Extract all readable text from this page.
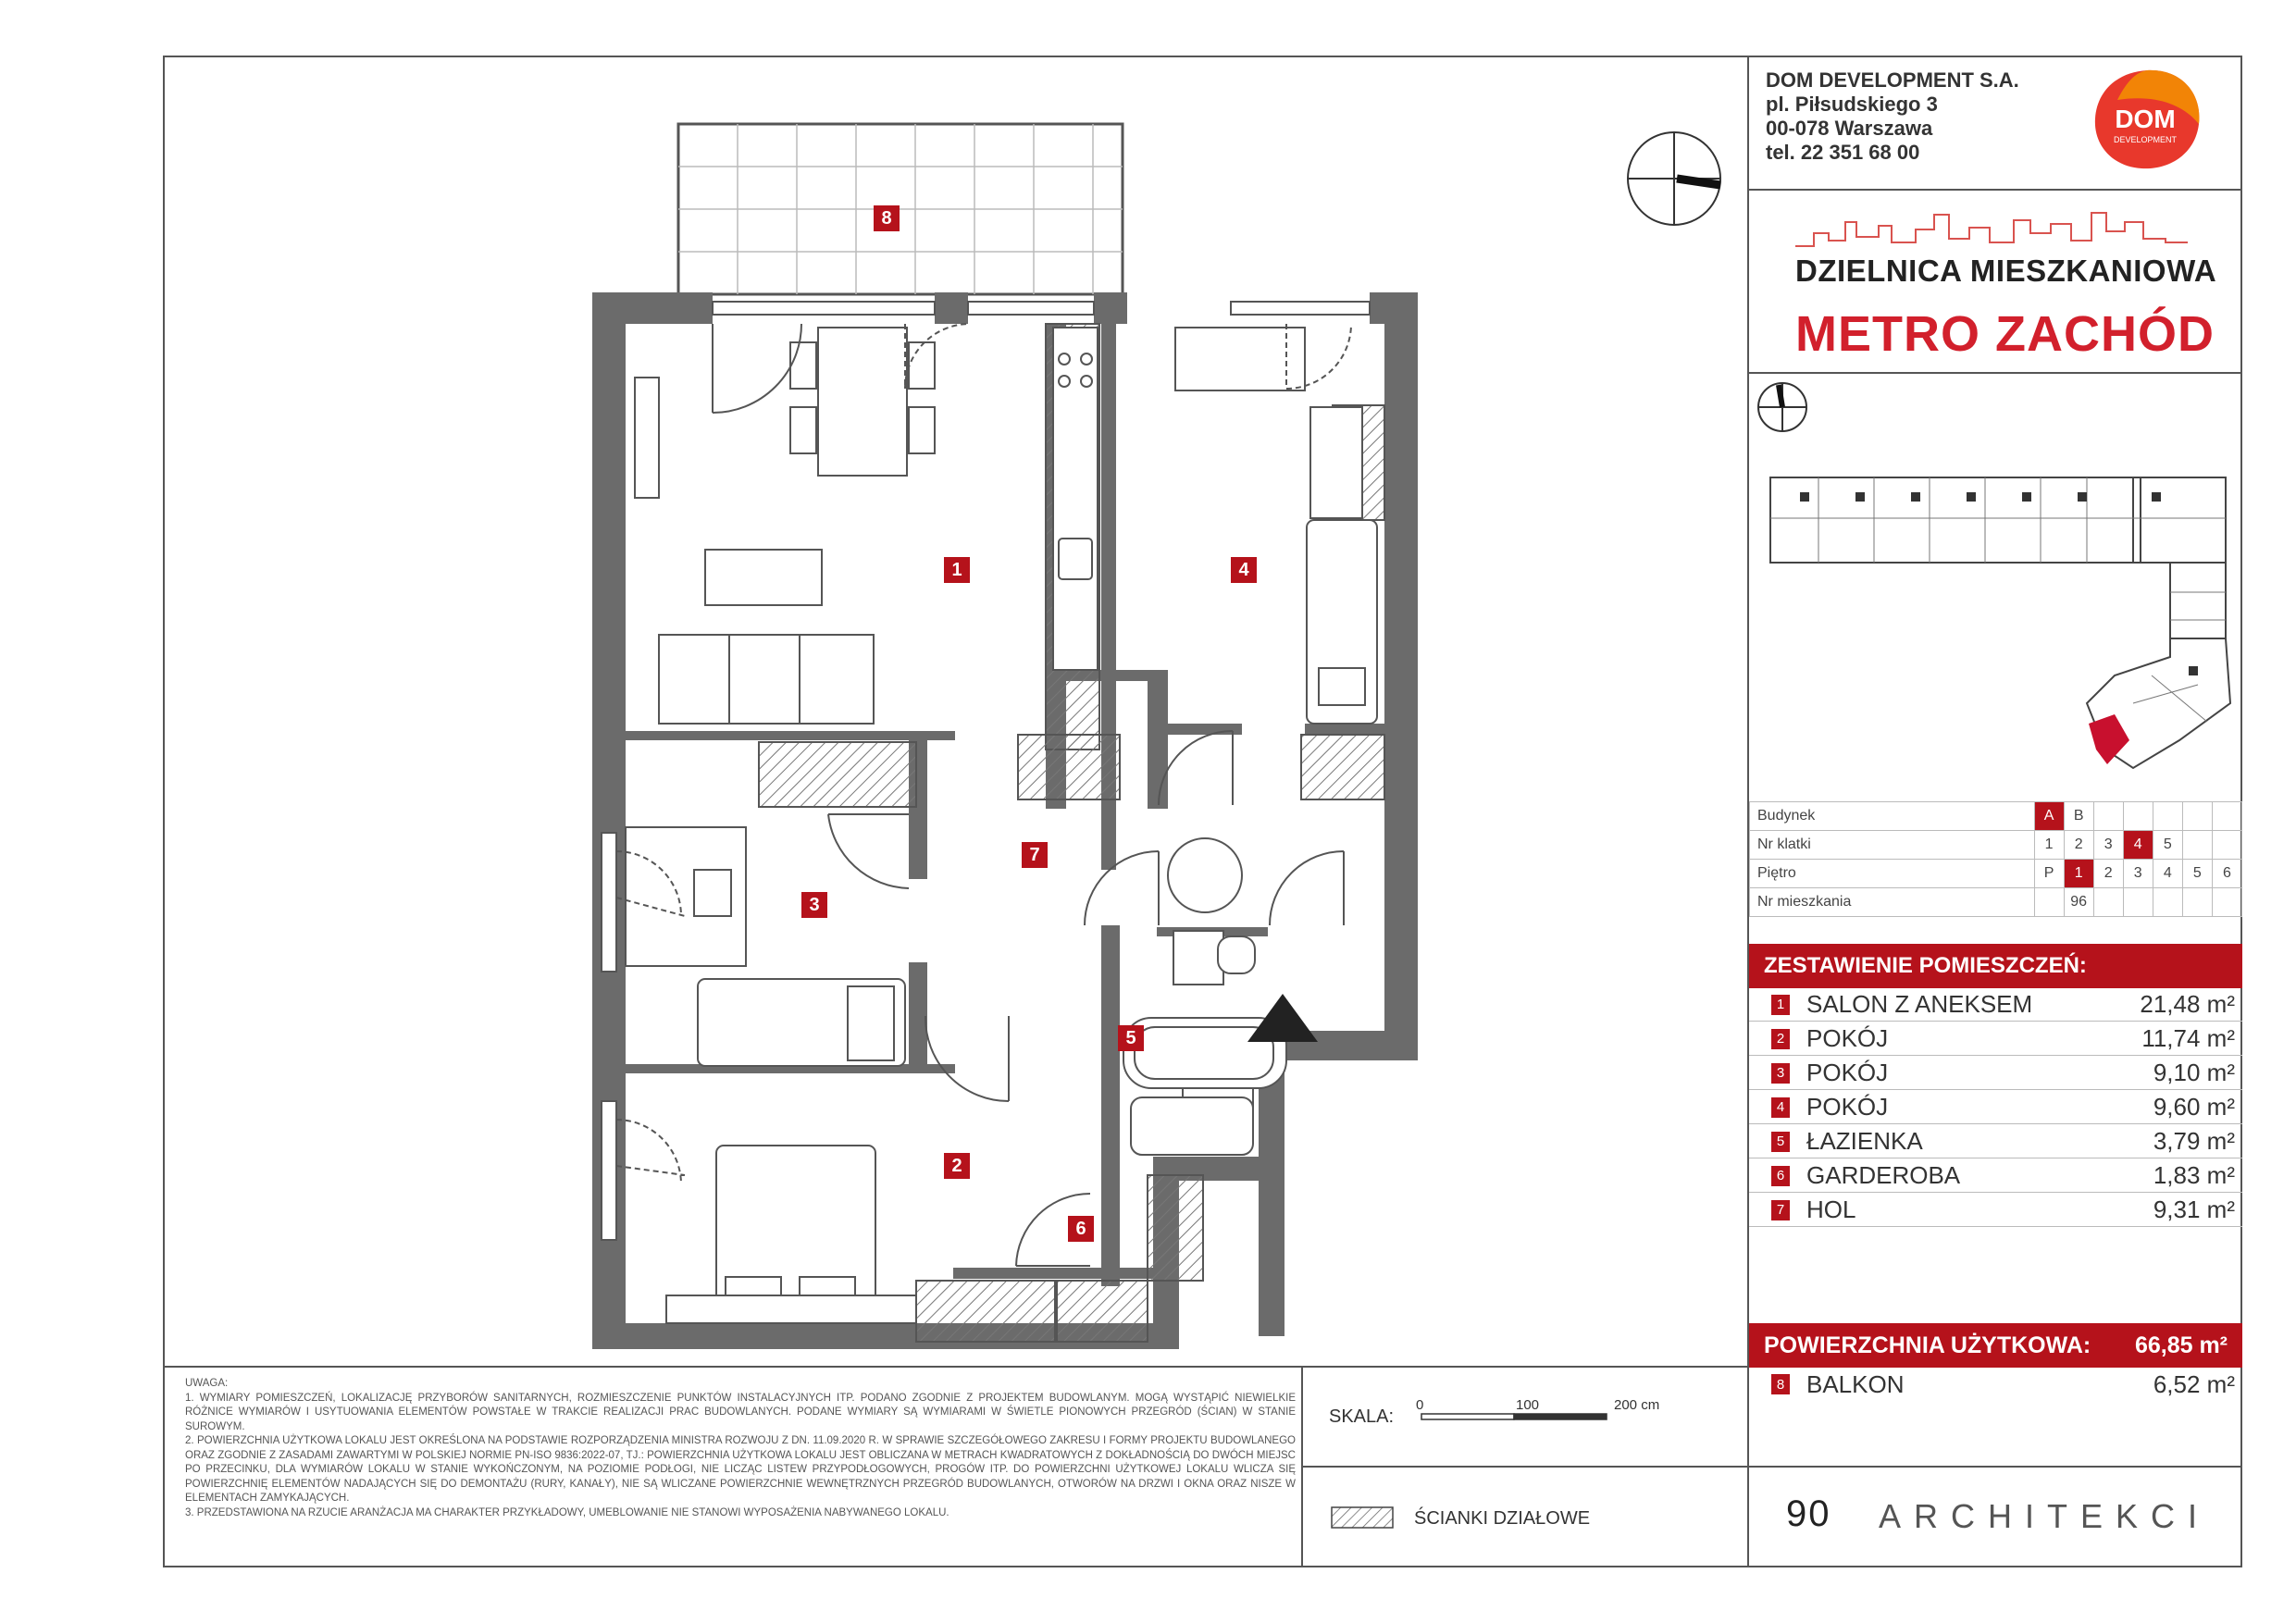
DOM DEVELOPMENT S.A.
pl. Piłsudskiego 3
00-078 Warszawa
tel. 22 351 68 00
DOM
DEVELOPMENT
DZIELNICA MIESZKANIOWA
METRO ZACHÓD
Budynek	A	B					
Nr klatki	1	2	3	4	5		
Piętro	P	1	2	3	4	5	6
Nr mieszkania		96					
ZESTAWIENIE POMIESZCZEŃ:
1 SALON Z ANEKSEM	21,48 m²
2 POKÓJ	11,74 m²
3 POKÓJ	9,10 m²
4 POKÓJ	9,60 m²
5 ŁAZIENKA	3,79 m²
6 GARDEROBA	1,83 m²
7 HOL	9,31 m²
POWIERZCHNIA UŻYTKOWA: 66,85 m²
8 BALKON	6,52 m²
90 ARCHITEKCI

UWAGA:

1. WYMIARY POMIESZCZEŃ, LOKALIZACJĘ PRZYBORÓW SANITARNYCH, ROZMIESZCZENIE PUNKTÓW INSTALACYJNYCH ITP. PODANO ZGODNIE Z PROJEKTEM BUDOWLANYM. MOGĄ WYSTĄPIĆ NIEWIELKIE RÓŻNICE WYMIARÓW I USYTUOWANIA ELEMENTÓW POWSTAŁE W TRAKCIE REALIZACJI PRAC BUDOWLANYCH. PODANE WYMIARY SĄ WYMIARAMI W ŚWIETLE PIONOWYCH PRZEGRÓD (ŚCIAN) W STANIE SUROWYM.

2. POWIERZCHNIA UŻYTKOWA LOKALU JEST OKREŚLONA NA PODSTAWIE ROZPORZĄDZENIA MINISTRA ROZWOJU Z DN. 11.09.2020 R. W SPRAWIE SZCZEGÓŁOWEGO ZAKRESU I FORMY PROJEKTU BUDOWLANEGO ORAZ ZGODNIE Z ZASADAMI ZAWARTYMI W POLSKIEJ NORMIE PN-ISO 9836:2022-07, TJ.: POWIERZCHNIA UŻYTKOWA LOKALU JEST OBLICZANA W METRACH KWADRATOWYCH Z DOKŁADNOŚCIĄ DO DWÓCH MIEJSC PO PRZECINKU, DLA WYMIARÓW LOKALU W STANIE WYKOŃCZONYM, NA POZIOMIE PODŁOGI, NIE LICZĄC LISTEW PRZYPODŁOGOWYCH, PROGÓW ITP. DO POWIERZCHNI UŻYTKOWEJ LOKALU WLICZA SIĘ POWIERZCHNIĘ ELEMENTÓW NADAJĄCYCH SIĘ DO DEMONTAŻU (RURY, KANAŁY), NIE SĄ WLICZANE POWIERZCHNIE WEWNĘTRZNYCH PRZEGRÓD BUDOWLANYCH, OTWORÓW NA DRZWI I OKNA ORAZ NISZE W ELEMENTACH ZAMYKAJĄCYCH.

3. PRZEDSTAWIONA NA RZUCIE ARANŻACJA MA CHARAKTER PRZYKŁADOWY, UMEBLOWANIE NIE STANOWI WYPOSAŻENIA NABYWANEGO LOKALU.

SKALA:
0	100	200 cm
ŚCIANKI DZIAŁOWE
8
1	4
3
7
5
2
6
